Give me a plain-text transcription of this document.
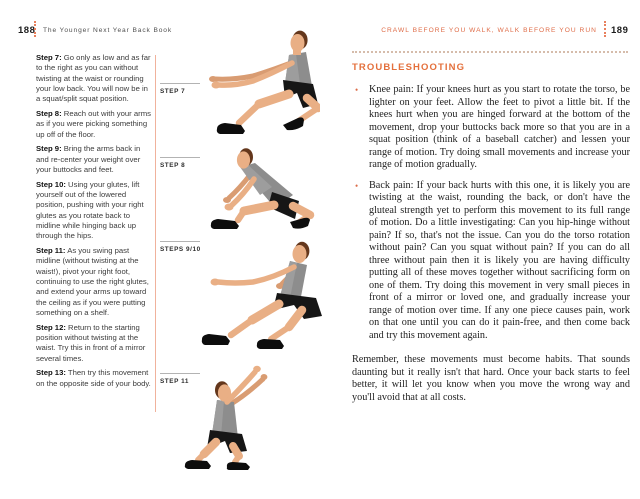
188 The Younger Next Year Back Book

Step 7: Go only as low and as far to the right as you can without twisting at the waist or rounding your low back. You will now be in a squat/split squat position.

Step 8: Reach out with your arms as if you were picking something up off of the floor.

Step 9: Bring the arms back in and re-center your weight over your buttocks and feet.

Step 10: Using your glutes, lift yourself out of the lowered position, pushing with your right glutes as you rotate back to midline while hinging back up through the hips.

Step 11: As you swing past midline (without twisting at the waist!), pivot your right foot, continuing to use the right glutes, and extend your arms up toward the ceiling as if you were putting something on a shelf.

Step 12: Return to the starting position without twisting at the waist. Try this in front of a mirror several times.

Step 13: Then try this movement on the opposite side of your body.

STEP 7
STEP 8
STEPS 9/10
STEP 11
CRAWL BEFORE YOU WALK, WALK BEFORE YOU RUN 189
TROUBLESHOOTING
•	Knee pain: If your knees hurt as you start to rotate the torso, be lighter on your feet. Allow the feet to pivot a little bit. If the knees hurt when you are hinged forward at the bottom of the movement, drop your buttocks back more so that you are in a squat position (think of a baseball catcher) and lessen your range of motion. Try doing small movements and increase your range of motion gradually.

•	Back pain: If your back hurts with this one, it is likely you are twisting at the waist, rounding the back, or don't have the gluteal strength yet to perform this movement to its full range of motion. Do a little investigating: Can you hip-hinge without pain? If so, that's not the issue. Can you do the torso rotation without pain? Can you squat without pain? If you can do all three without pain then it is likely you are having difficulty putting all of these moves together without sacrificing form on one of them. Try doing this movement in very small pieces in front of a mirror or loved one, and gradually increase your range of motion over time. If any one piece causes pain, work on that one until you can do it pain-free, and then come back and try this movement again.

Remember, these movements must become habits. That sounds daunting but it really isn't that hard. Once your back starts to feel better, it will let you know when you move the wrong way and you'll avoid that at all costs.
